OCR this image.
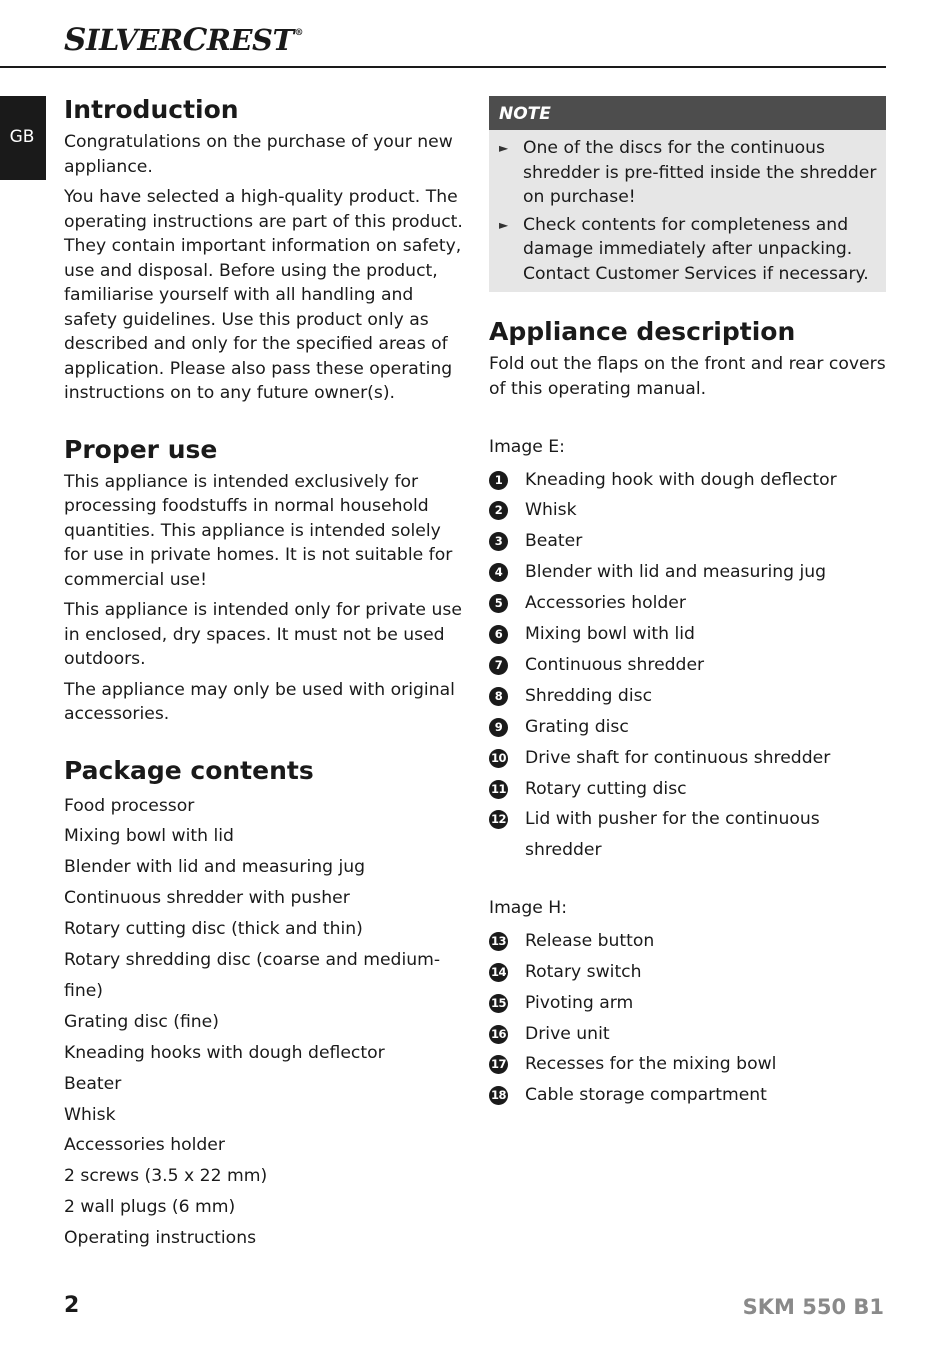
SILVERCREST®
GB
Introduction

Congratulations on the purchase of your new appliance.

You have selected a high-quality product. The operating instructions are part of this product. They contain important information on safety, use and disposal. Before using the product, familiarise yourself with all handling and safety guidelines. Use this product only as described and only for the specified areas of application. Please also pass these operating instructions on to any future owner(s).

Proper use

This appliance is intended exclusively for processing foodstuffs in normal household quantities. This appliance is intended solely for use in private homes. It is not suitable for commercial use!

This appliance is intended only for private use in enclosed, dry spaces. It must not be used outdoors.

The appliance may only be used with original accessories.

Package contents
Food processor
Mixing bowl with lid
Blender with lid and measuring jug
Continuous shredder with pusher
Rotary cutting disc (thick and thin)
Rotary shredding disc (coarse and medium-fine)
Grating disc (fine)
Kneading hooks with dough deflector
Beater
Whisk
Accessories holder
2 screws (3.5 x 22 mm)
2 wall plugs (6 mm)
Operating instructions
NOTE
► One of the discs for the continuous shredder is pre-fitted inside the shredder on purchase!
► Check contents for completeness and damage immediately after unpacking. Contact Customer Services if necessary.
Appliance description

Fold out the flaps on the front and rear covers of this operating manual.

Image E:

1	Kneading hook with dough deflector
2	Whisk
3	Beater
4	Blender with lid and measuring jug
5	Accessories holder
6	Mixing bowl with lid
7	Continuous shredder
8	Shredding disc
9	Grating disc
10 Drive shaft for continuous shredder
11 Rotary cutting disc
12 Lid with pusher for the continuous shredder

Image H:

13 Release button
14 Rotary switch
15 Pivoting arm
16 Drive unit
17 Recesses for the mixing bowl
18 Cable storage compartment
2	SKM 550 B1
